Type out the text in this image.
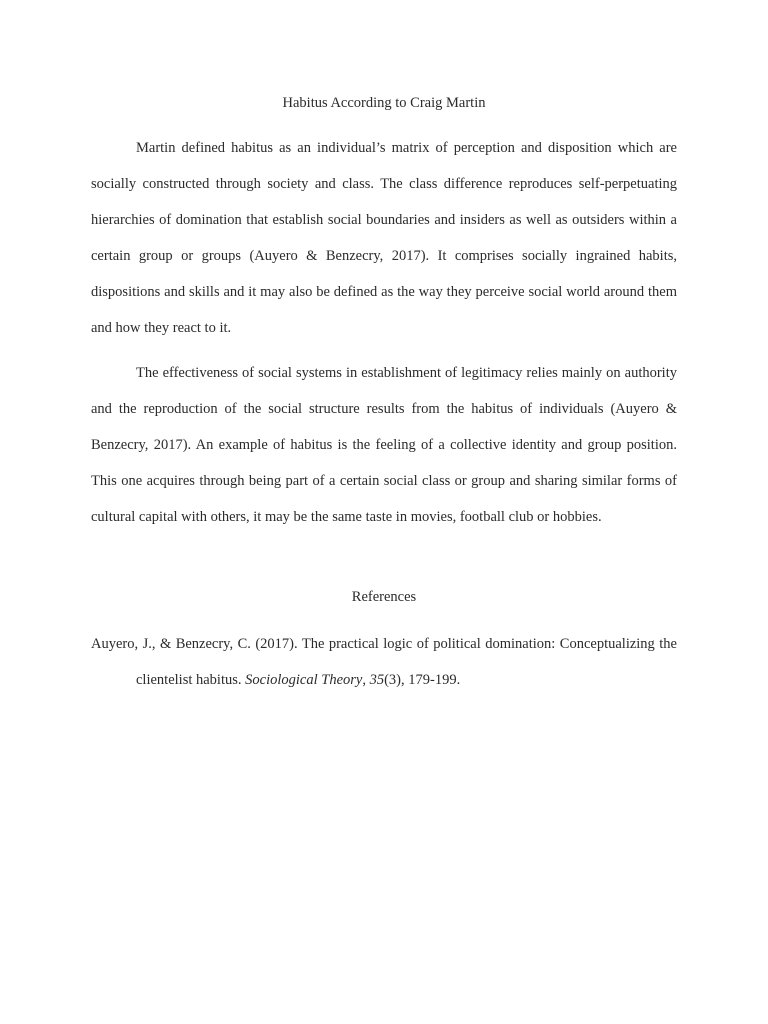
Habitus According to Craig Martin

Martin defined habitus as an individual’s matrix of perception and disposition which are socially constructed through society and class. The class difference reproduces self-perpetuating hierarchies of domination that establish social boundaries and insiders as well as outsiders within a certain group or groups (Auyero & Benzecry, 2017). It comprises socially ingrained habits, dispositions and skills and it may also be defined as the way they perceive social world around them and how they react to it.

The effectiveness of social systems in establishment of legitimacy relies mainly on authority and the reproduction of the social structure results from the habitus of individuals (Auyero & Benzecry, 2017). An example of habitus is the feeling of a collective identity and group position. This one acquires through being part of a certain social class or group and sharing similar forms of cultural capital with others, it may be the same taste in movies, football club or hobbies.

References

Auyero, J., & Benzecry, C. (2017). The practical logic of political domination: Conceptualizing the clientelist habitus. Sociological Theory, 35(3), 179-199.
